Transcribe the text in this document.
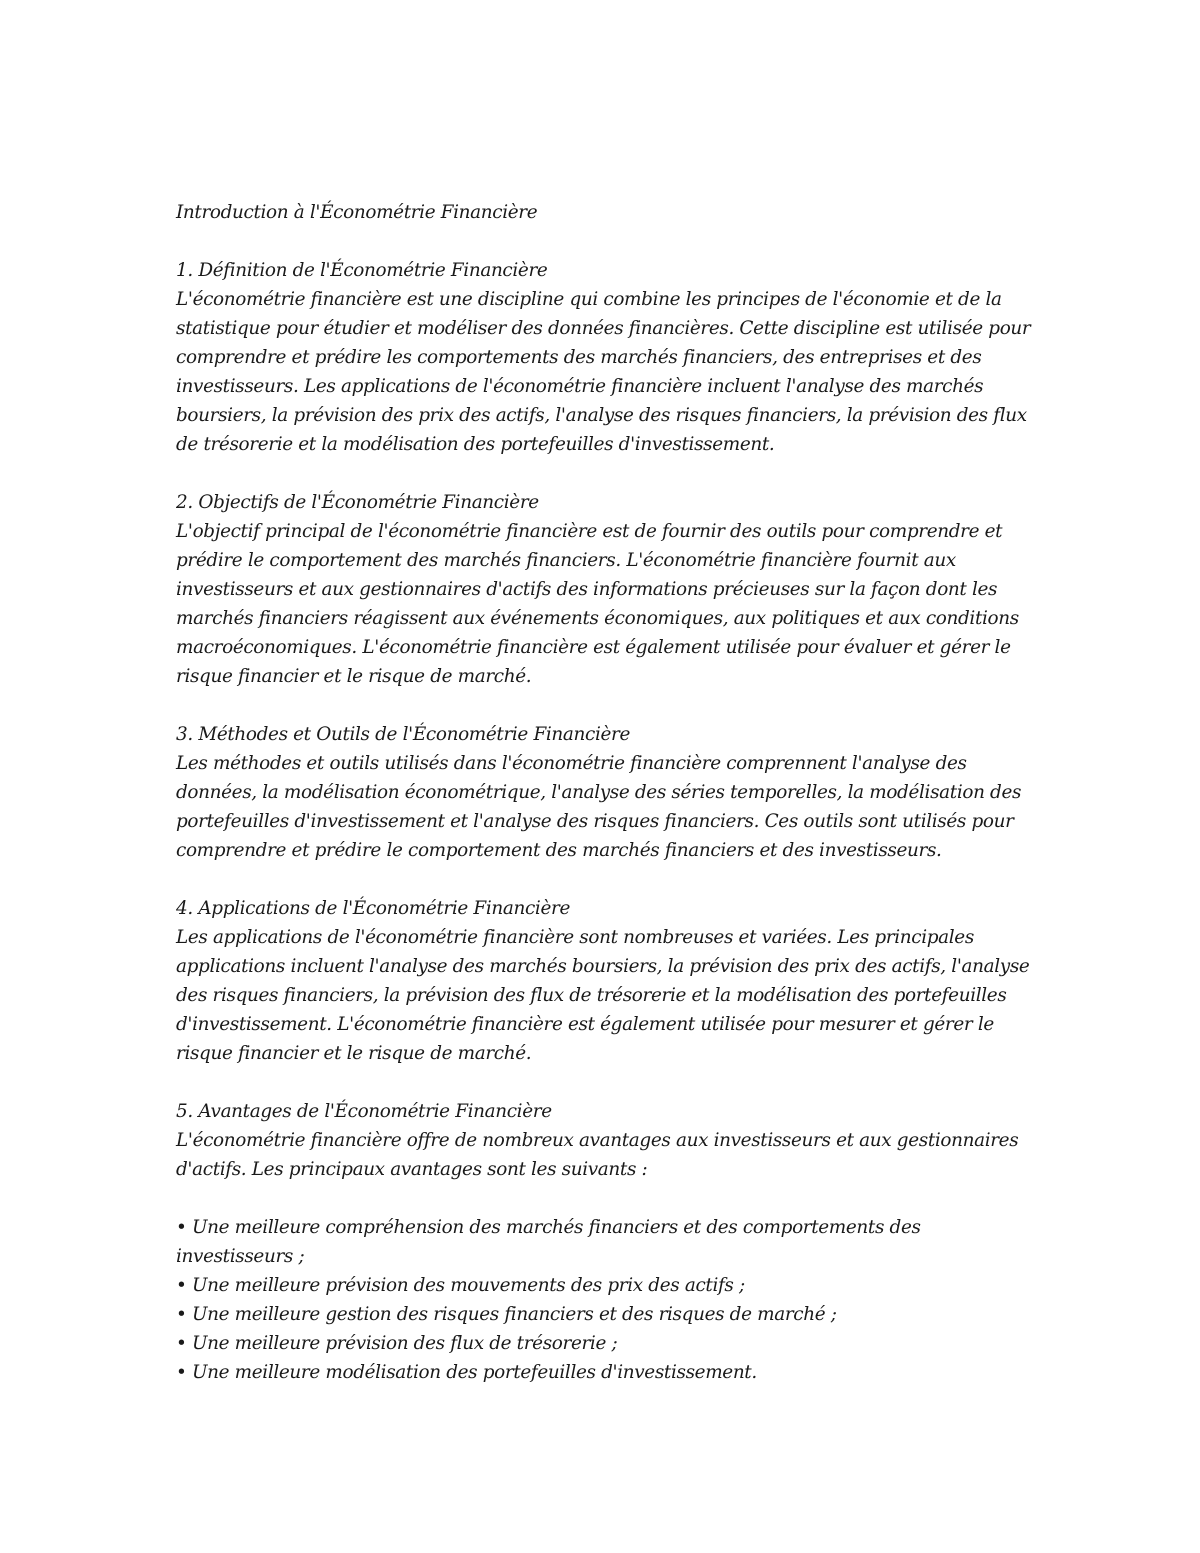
Introduction à l'Économétrie Financière
1. Définition de l'Économétrie Financière
L'économétrie financière est une discipline qui combine les principes de l'économie et de la
statistique pour étudier et modéliser des données financières. Cette discipline est utilisée pour
comprendre et prédire les comportements des marchés financiers, des entreprises et des
investisseurs. Les applications de l'économétrie financière incluent l'analyse des marchés
boursiers, la prévision des prix des actifs, l'analyse des risques financiers, la prévision des flux
de trésorerie et la modélisation des portefeuilles d'investissement.
2. Objectifs de l'Économétrie Financière
L'objectif principal de l'économétrie financière est de fournir des outils pour comprendre et
prédire le comportement des marchés financiers. L'économétrie financière fournit aux
investisseurs et aux gestionnaires d'actifs des informations précieuses sur la façon dont les
marchés financiers réagissent aux événements économiques, aux politiques et aux conditions
macroéconomiques. L'économétrie financière est également utilisée pour évaluer et gérer le
risque financier et le risque de marché.
3. Méthodes et Outils de l'Économétrie Financière
Les méthodes et outils utilisés dans l'économétrie financière comprennent l'analyse des
données, la modélisation économétrique, l'analyse des séries temporelles, la modélisation des
portefeuilles d'investissement et l'analyse des risques financiers. Ces outils sont utilisés pour
comprendre et prédire le comportement des marchés financiers et des investisseurs.
4. Applications de l'Économétrie Financière
Les applications de l'économétrie financière sont nombreuses et variées. Les principales
applications incluent l'analyse des marchés boursiers, la prévision des prix des actifs, l'analyse
des risques financiers, la prévision des flux de trésorerie et la modélisation des portefeuilles
d'investissement. L'économétrie financière est également utilisée pour mesurer et gérer le
risque financier et le risque de marché.
5. Avantages de l'Économétrie Financière
L'économétrie financière offre de nombreux avantages aux investisseurs et aux gestionnaires
d'actifs. Les principaux avantages sont les suivants :
• Une meilleure compréhension des marchés financiers et des comportements des
investisseurs ;
• Une meilleure prévision des mouvements des prix des actifs ;
• Une meilleure gestion des risques financiers et des risques de marché ;
• Une meilleure prévision des flux de trésorerie ;
• Une meilleure modélisation des portefeuilles d'investissement.
